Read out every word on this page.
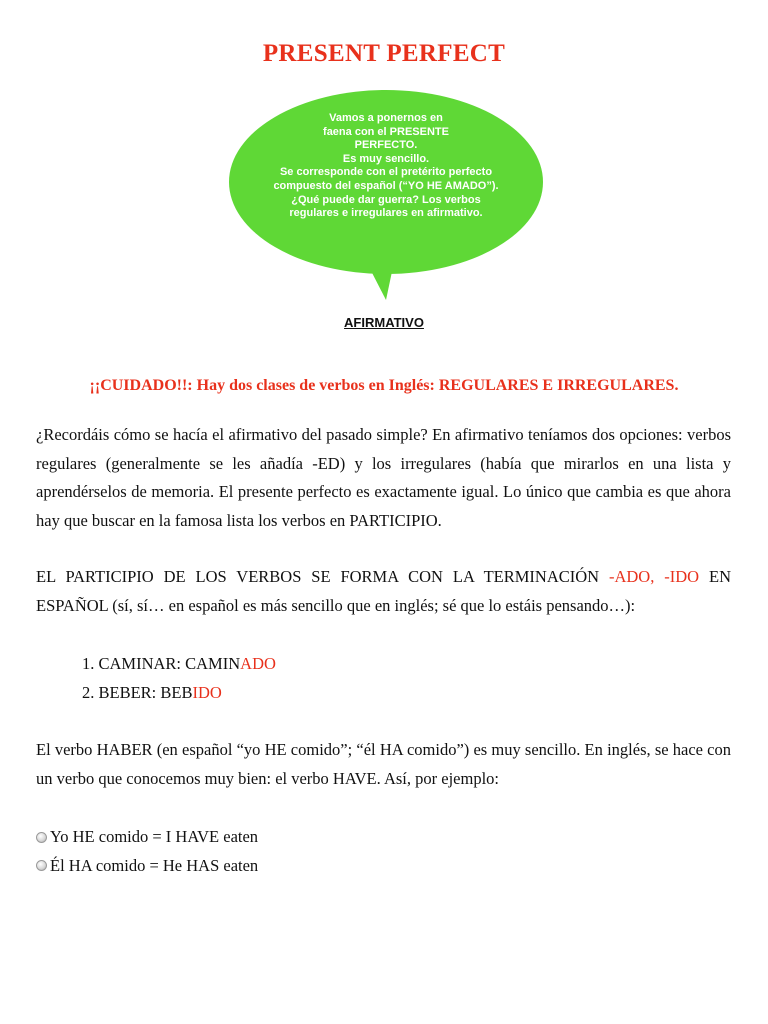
PRESENT PERFECT
Vamos a ponernos en
faena con el PRESENTE
PERFECTO.
Es muy sencillo.
Se corresponde con el pretérito perfecto
compuesto del español (“YO HE AMADO”).
¿Qué puede dar guerra? Los verbos
regulares e irregulares en afirmativo.
AFIRMATIVO
¡¡CUIDADO!!: Hay dos clases de verbos en Inglés: REGULARES E IRREGULARES.
¿Recordáis cómo se hacía el afirmativo del pasado simple? En afirmativo teníamos dos opciones: verbos regulares (generalmente se les añadía -ED) y los irregulares (había que mirarlos en una lista y aprendérselos de memoria. El presente perfecto es exactamente igual. Lo único que cambia es que ahora hay que buscar en la famosa lista los verbos en PARTICIPIO.
EL PARTICIPIO DE LOS VERBOS SE FORMA CON LA TERMINACIÓN -ADO, -IDO EN ESPAÑOL (sí, sí… en español es más sencillo que en inglés; sé que lo estáis pensando…):
1. CAMINAR: CAMINADO
2. BEBER: BEBIDO
El verbo HABER (en español “yo HE comido”; “él HA comido”) es muy sencillo. En inglés, se hace con un verbo que conocemos muy bien: el verbo HAVE. Así, por ejemplo:
Yo HE comido = I HAVE eaten
Él HA comido = He HAS eaten
